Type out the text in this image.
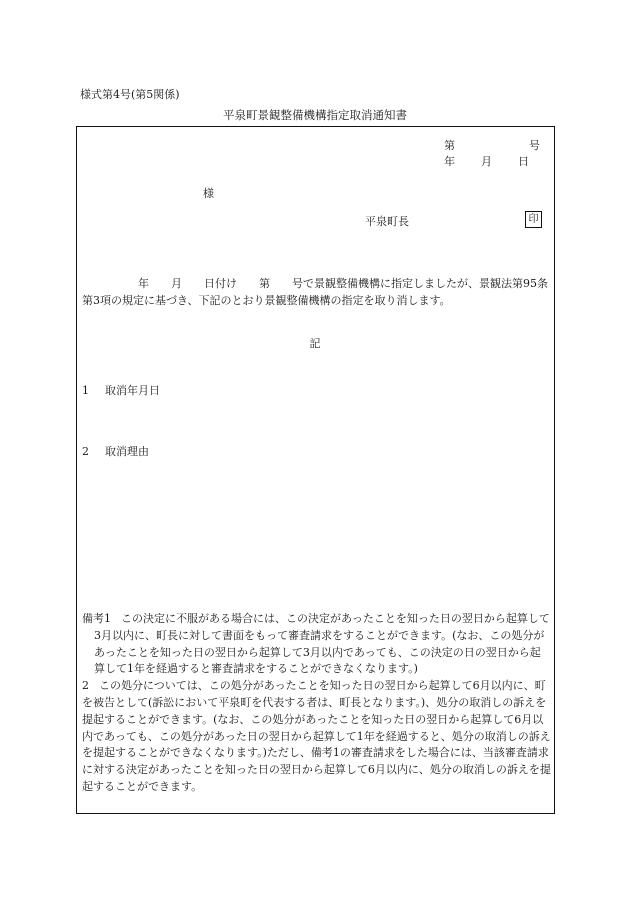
様式第4号(第5関係)
平泉町景観整備機構指定取消通知書
第	号
年 月 日
様
平泉町長	印
年　　月　　日付け　　第　　号で景観整備機構に指定しましたが、景観法第95条第3項の規定に基づき、下記のとおり景観整備機構の指定を取り消します。
記
1 取消年月日
2 取消理由
備考1 この決定に不服がある場合には、この決定があったことを知った日の翌日から起算して3月以内に、町長に対して書面をもって審査請求をすることができます。(なお、この処分があったことを知った日の翌日から起算して3月以内であっても、この決定の日の翌日から起算して1年を経過すると審査請求をすることができなくなります。)
2 この処分については、この処分があったことを知った日の翌日から起算して6月以内に、町を被告として(訴訟において平泉町を代表する者は、町長となります。)、処分の取消しの訴えを提起することができます。(なお、この処分があったことを知った日の翌日から起算して6月以内であっても、この処分があった日の翌日から起算して1年を経過すると、処分の取消しの訴えを提起することができなくなります。)ただし、備考1の審査請求をした場合には、当該審査請求に対する決定があったことを知った日の翌日から起算して6月以内に、処分の取消しの訴えを提起することができます。
